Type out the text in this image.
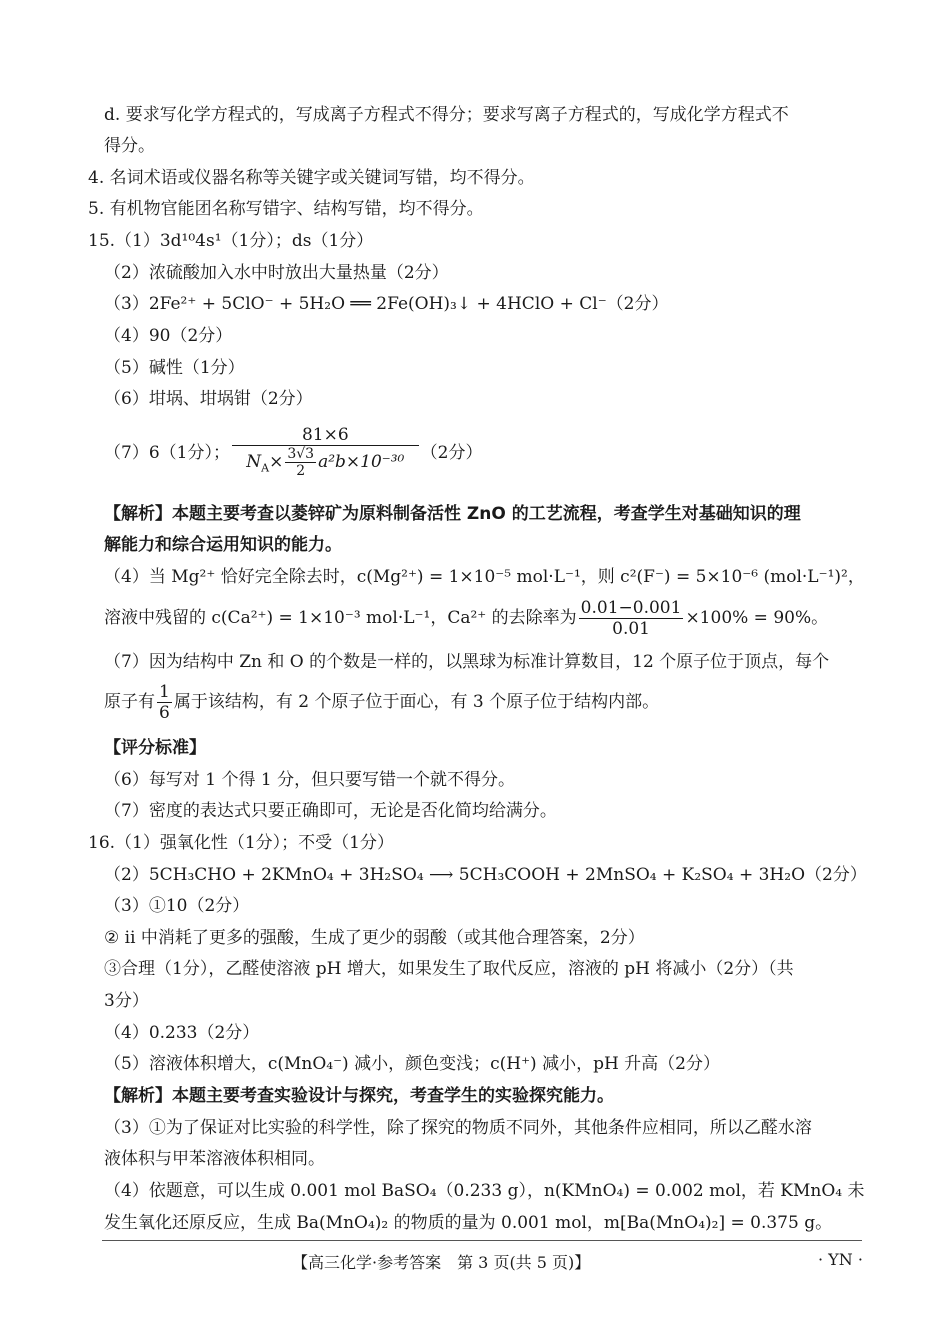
d. 要求写化学方程式的，写成离子方程式不得分；要求写离子方程式的，写成化学方程式不
得分。
4. 名词术语或仪器名称等关键字或关键词写错，均不得分。
5. 有机物官能团名称写错字、结构写错，均不得分。
15.（1）3d¹⁰4s¹（1分）；ds（1分）
（2）浓硫酸加入水中时放出大量热量（2分）
（3）2Fe²⁺ + 5ClO⁻ + 5H₂O ══ 2Fe(OH)₃↓ + 4HClO + Cl⁻（2分）
（4）90（2分）
（5）碱性（1分）
（6）坩埚、坩埚钳（2分）
（7）6（1分）； $\frac{81\times 6}{N_A\times \frac{3√3}{2} a^2b\times 10^{-30}} (2$分）
【解析】本题主要考查以菱锌矿为原料制备活性 ZnO 的工艺流程，考查学生对基础知识的理
解能力和综合运用知识的能力。
（4）当 Mg²⁺ 恰好完全除去时，c(Mg²⁺) = 1×10⁻⁵ mol·L⁻¹，则 c²(F⁻) = 5×10⁻⁶ (mol·L⁻¹)²，
溶液中残留的 c(Ca²⁺) = 1×10⁻³ mol·L⁻¹，Ca²⁺ 的去除率为 $\frac{0.01-0.001}{0.01} \times 100\% = 90\%$。
（7）因为结构中 Zn 和 O 的个数是一样的，以黑球为标准计算数目，12 个原子位于顶点，每个
原子有 $\frac{1}{6}$ 属于该结构，有 2 个原子位于面心，有 3 个原子位于结构内部。
【评分标准】
（6）每写对 1 个得 1 分，但只要写错一个就不得分。
（7）密度的表达式只要正确即可，无论是否化简均给满分。
16.（1）强氧化性（1分）；不受（1分）
（2）5CH₃CHO + 2KMnO₄ + 3H₂SO₄ ⟶ 5CH₃COOH + 2MnSO₄ + K₂SO₄ + 3H₂O（2分）
（3）①10（2分）
② ⅱ 中消耗了更多的强酸，生成了更少的弱酸（或其他合理答案，2分）
③合理（1分），乙醛使溶液 pH 增大，如果发生了取代反应，溶液的 pH 将减小（2分）（共
3分）
（4）0.233（2分）
（5）溶液体积增大，c(MnO₄⁻) 减小，颜色变浅；c(H⁺) 减小，pH 升高（2分）
【解析】本题主要考查实验设计与探究，考查学生的实验探究能力。
（3）①为了保证对比实验的科学性，除了探究的物质不同外，其他条件应相同，所以乙醛水溶
液体积与甲苯溶液体积相同。
（4）依题意，可以生成 0.001 mol BaSO₄（0.233 g），n(KMnO₄) = 0.002 mol，若 KMnO₄ 未
发生氧化还原反应，生成 Ba(MnO₄)₂ 的物质的量为 0.001 mol，m[Ba(MnO₄)₂] = 0.375 g。
【高三化学·参考答案　第 3 页(共 5 页)】	· YN ·
